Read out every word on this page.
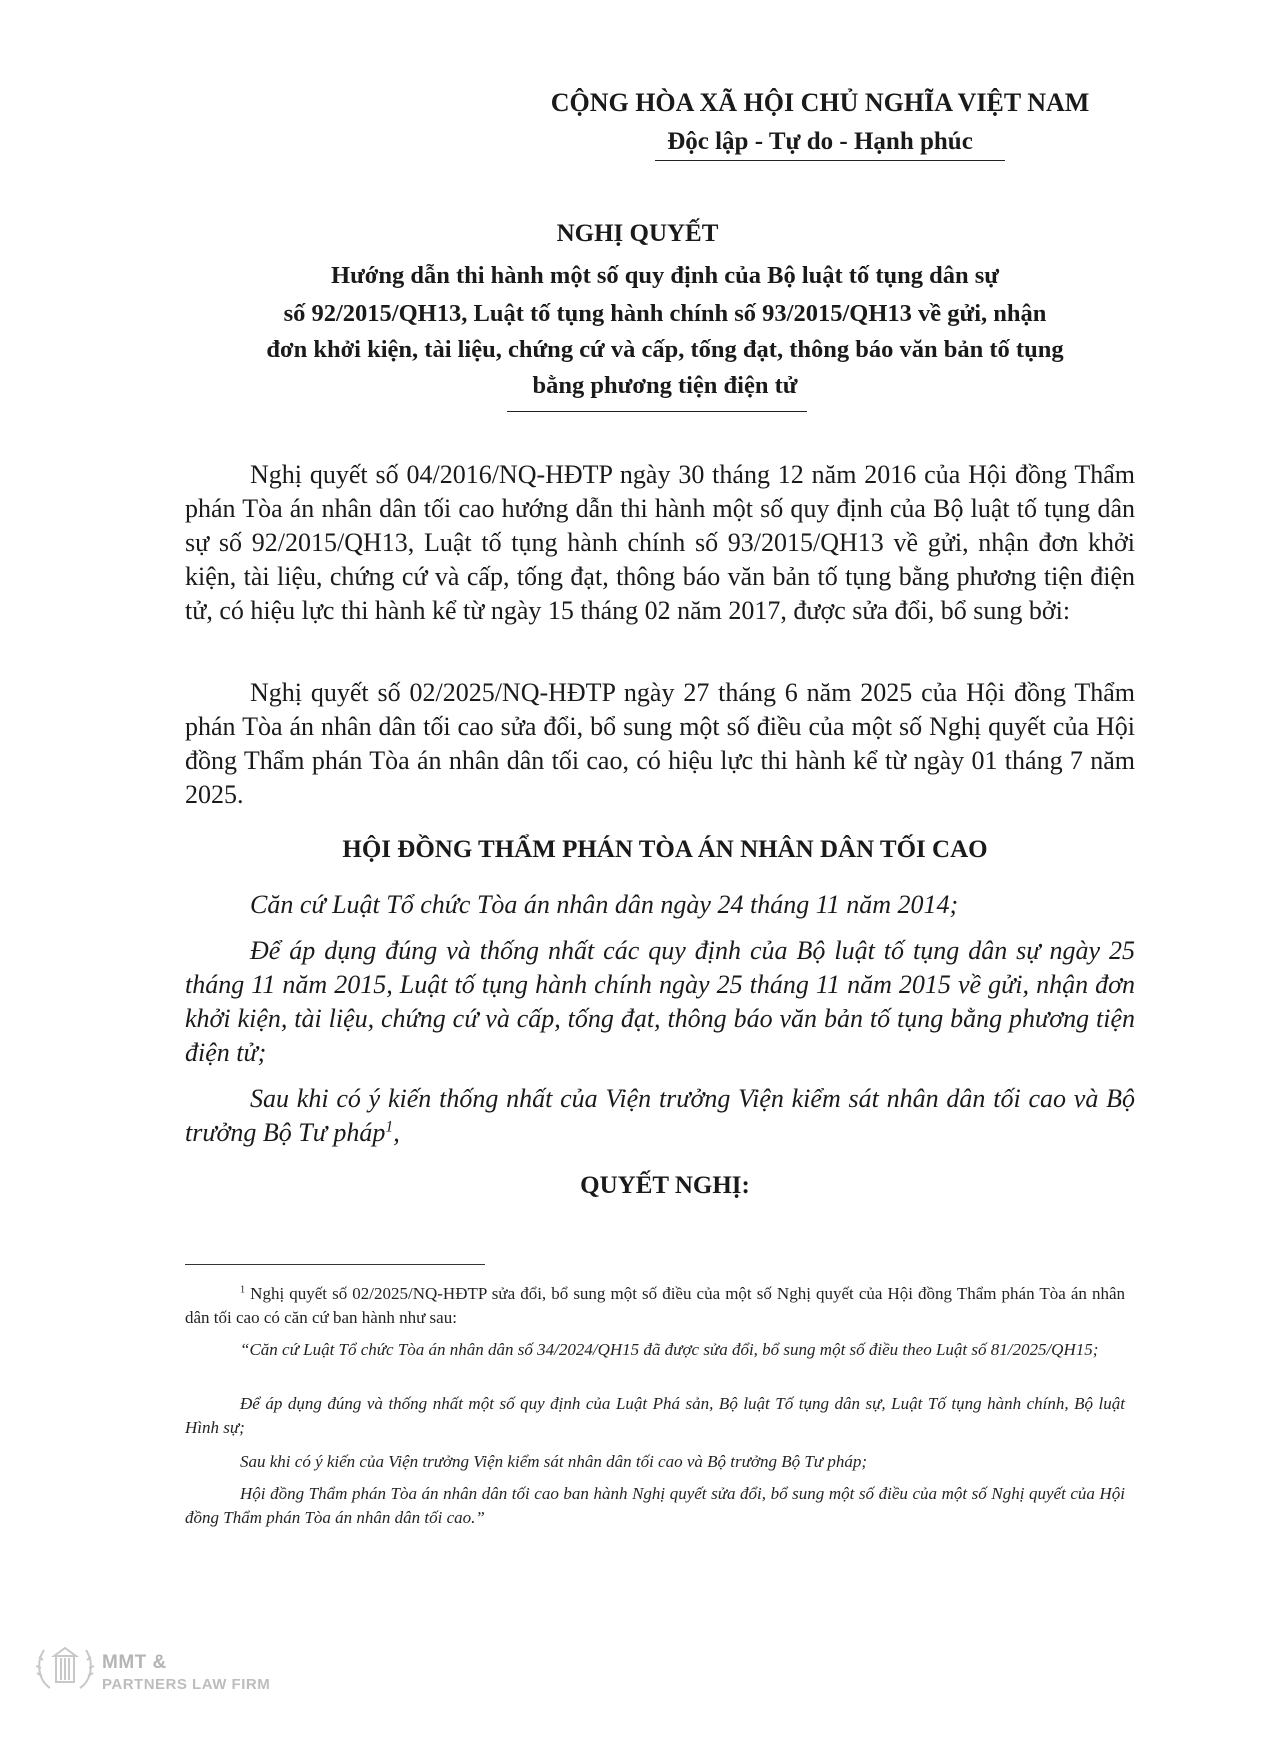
CỘNG HÒA XÃ HỘI CHỦ NGHĨA VIỆT NAM
Độc lập - Tự do - Hạnh phúc
NGHỊ QUYẾT
Hướng dẫn thi hành một số quy định của Bộ luật tố tụng dân sự
số 92/2015/QH13, Luật tố tụng hành chính số 93/2015/QH13 về gửi, nhận
đơn khởi kiện, tài liệu, chứng cứ và cấp, tống đạt, thông báo văn bản tố tụng
bằng phương tiện điện tử
Nghị quyết số 04/2016/NQ-HĐTP ngày 30 tháng 12 năm 2016 của Hội đồng Thẩm phán Tòa án nhân dân tối cao hướng dẫn thi hành một số quy định của Bộ luật tố tụng dân sự số 92/2015/QH13, Luật tố tụng hành chính số 93/2015/QH13 về gửi, nhận đơn khởi kiện, tài liệu, chứng cứ và cấp, tống đạt, thông báo văn bản tố tụng bằng phương tiện điện tử, có hiệu lực thi hành kể từ ngày 15 tháng 02 năm 2017, được sửa đổi, bổ sung bởi:
Nghị quyết số 02/2025/NQ-HĐTP ngày 27 tháng 6 năm 2025 của Hội đồng Thẩm phán Tòa án nhân dân tối cao sửa đổi, bổ sung một số điều của một số Nghị quyết của Hội đồng Thẩm phán Tòa án nhân dân tối cao, có hiệu lực thi hành kể từ ngày 01 tháng 7 năm 2025.
HỘI ĐỒNG THẨM PHÁN TÒA ÁN NHÂN DÂN TỐI CAO
Căn cứ Luật Tổ chức Tòa án nhân dân ngày 24 tháng 11 năm 2014;
Để áp dụng đúng và thống nhất các quy định của Bộ luật tố tụng dân sự ngày 25 tháng 11 năm 2015, Luật tố tụng hành chính ngày 25 tháng 11 năm 2015 về gửi, nhận đơn khởi kiện, tài liệu, chứng cứ và cấp, tống đạt, thông báo văn bản tố tụng bằng phương tiện điện tử;
Sau khi có ý kiến thống nhất của Viện trưởng Viện kiểm sát nhân dân tối cao và Bộ trưởng Bộ Tư pháp$^1$,
QUYẾT NGHỊ:
$^1$ Nghị quyết số 02/2025/NQ-HĐTP sửa đổi, bổ sung một số điều của một số Nghị quyết của Hội đồng Thẩm phán Tòa án nhân dân tối cao có căn cứ ban hành như sau:
“Căn cứ Luật Tổ chức Tòa án nhân dân số 34/2024/QH15 đã được sửa đổi, bổ sung một số điều theo Luật số 81/2025/QH15;
Để áp dụng đúng và thống nhất một số quy định của Luật Phá sản, Bộ luật Tố tụng dân sự, Luật Tố tụng hành chính, Bộ luật Hình sự;
Sau khi có ý kiến của Viện trưởng Viện kiểm sát nhân dân tối cao và Bộ trưởng Bộ Tư pháp;
Hội đồng Thẩm phán Tòa án nhân dân tối cao ban hành Nghị quyết sửa đổi, bổ sung một số điều của một số Nghị quyết của Hội đồng Thẩm phán Tòa án nhân dân tối cao.”
MMT &
PARTNERS LAW FIRM
